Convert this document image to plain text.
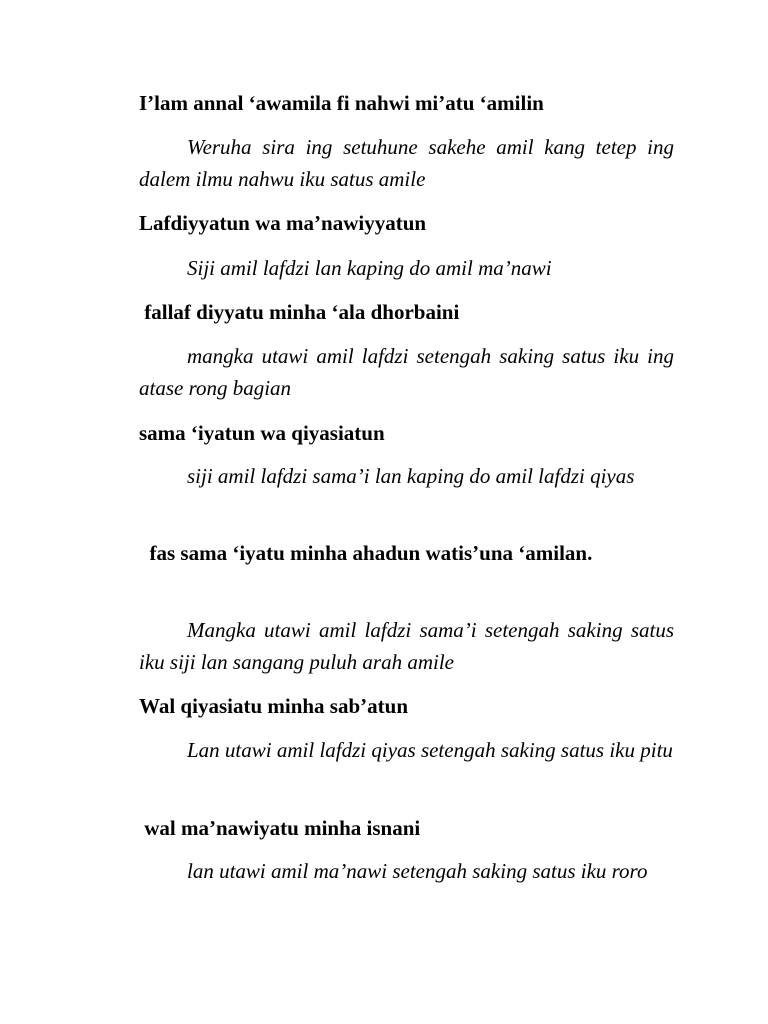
I’lam annal ‘awamila fi nahwi mi’atu ‘amilin

Weruha sira ing setuhune sakehe amil kang tetep ing dalem ilmu nahwu iku satus amile

Lafdiyyatun wa ma’nawiyyatun

Siji amil lafdzi lan kaping do amil ma’nawi

fallaf diyyatu minha ‘ala dhorbaini

mangka utawi amil lafdzi setengah saking satus iku ing atase rong bagian

sama ‘iyatun wa qiyasiatun

siji amil lafdzi sama’i lan kaping do amil lafdzi qiyas

fas sama ‘iyatu minha ahadun watis’una ‘amilan.

Mangka utawi amil lafdzi sama’i setengah saking satus iku siji lan sangang puluh arah amile

Wal qiyasiatu minha sab’atun

Lan utawi amil lafdzi qiyas setengah saking satus iku pitu

wal ma’nawiyatu minha isnani

lan utawi amil ma’nawi setengah saking satus iku roro
